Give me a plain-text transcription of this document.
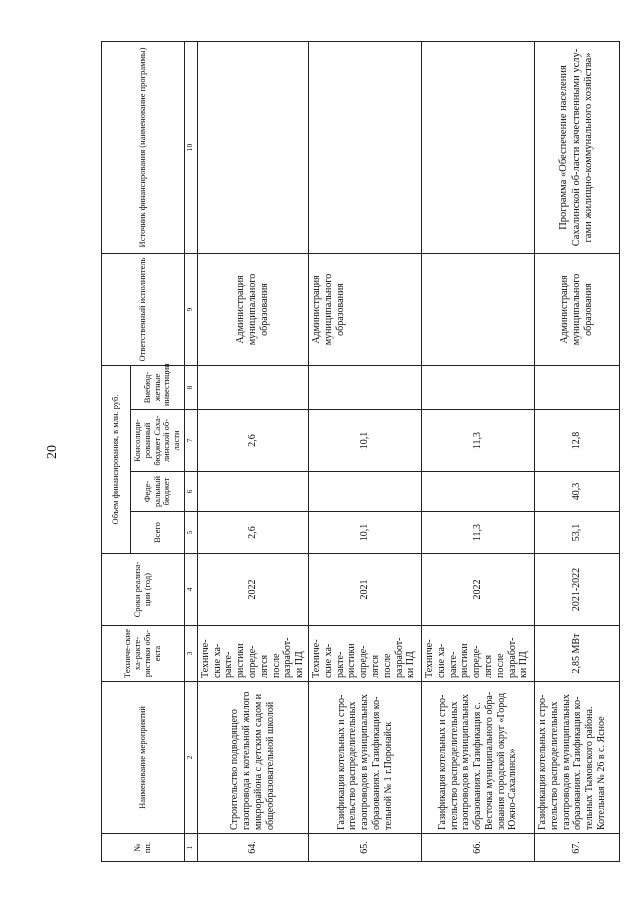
20
№ пп.	Наименование мероприятий	Техниче-ские ха-ракте-ристики объ-екта	Сроки реализа-ции (год)	Объем финансирования, в млн. руб.				Ответственный исполнитель	Источник финансирования (наименование программы)
				Всего	Феде-ральный бюджет	Консолиди-рованный бюджет Саха-линской об-ласти	Внебюд-жетные инвестиции		
1	2	3	4	5	6	7	8	9	10
64.	Строительство подводящего газопровода к котельной жилого микрорайона с детским садом и общеобразовательной школой	Техниче-ские ха-ракте-ристики опреде-лятся после разработ-ки ПД	2022	2,6		2,6		Администрация муниципального образования	
65.	Газификация котельных и стро-ительство распределительных газопроводов в муниципальных образованиях. Газификация ко-тельной № 1 г.Поронайск	Техниче-ские ха-ракте-ристики опреде-лятся после разработ-ки ПД	2021	10,1		10,1		Администрация муниципального образования	
66.	Газификация котельных и стро-ительство распределительных газопроводов в муниципальных образованиях. Газификация с. Весточка муниципального обра-зования городской округ «Город Южно-Сахалинск»	Техниче-ские ха-ракте-ристики опреде-лятся после разработ-ки ПД	2022	11,3		11,3			
67.	Газификация котельных и стро-ительство распределительных газопроводов в муниципальных образованиях. Газификация ко-тельных Тымовского района. Котельная № 26 в с. Ясное	2,85 МВт	2021-2022	53,1	40,3	12,8		Администрация муниципального образования	Программа «Обеспечение населения Сахалинской об-ласти качественными услу-гами жилищно-коммунального хозяйства»
